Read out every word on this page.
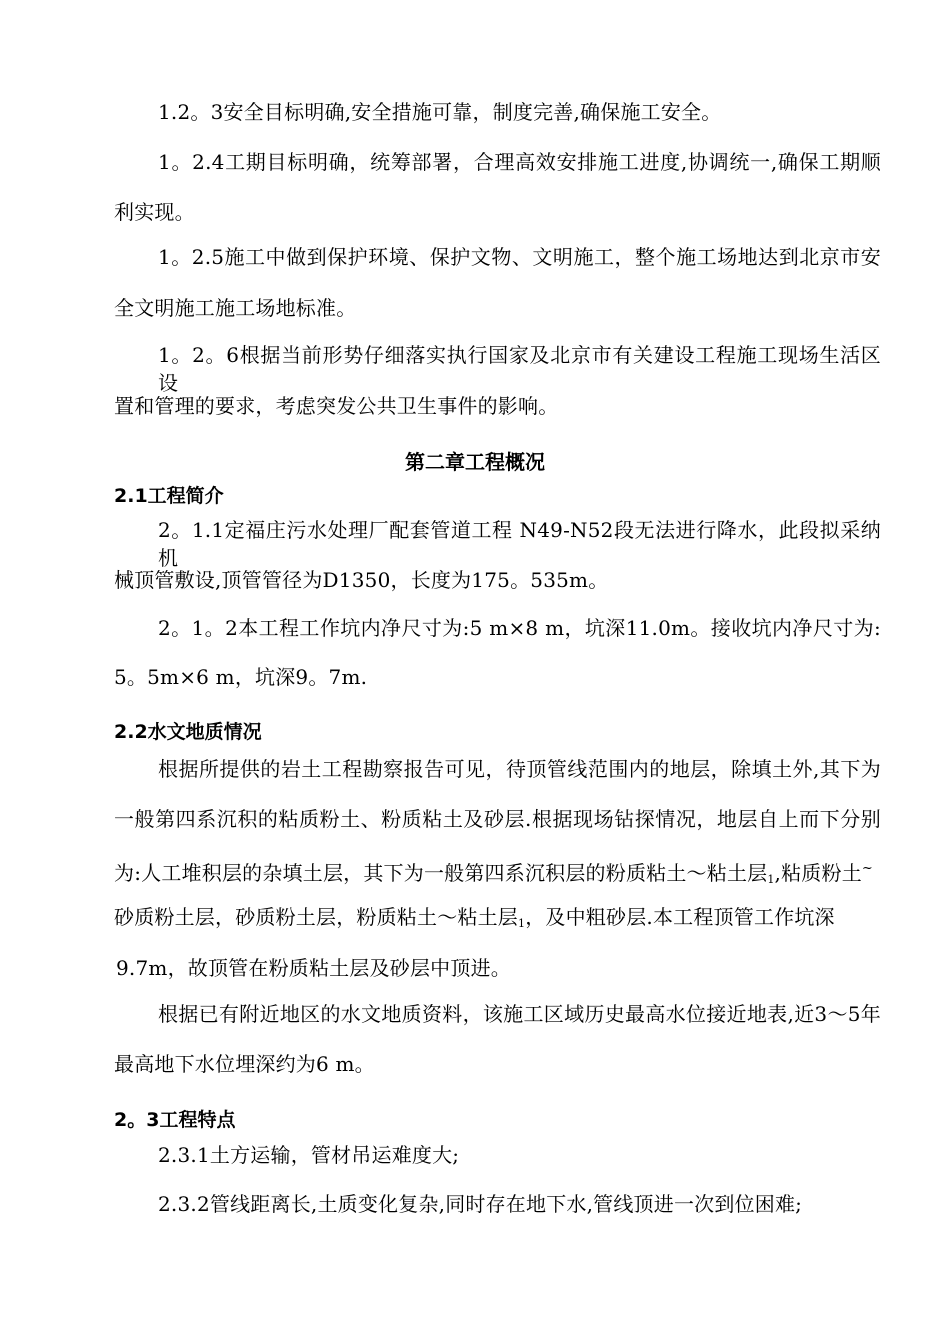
1.2。3安全目标明确,安全措施可靠，制度完善,确保施工安全。
1。2.4工期目标明确，统筹部署，合理高效安排施工进度,协调统一,确保工期顺
利实现。
1。2.5施工中做到保护环境、保护文物、文明施工，整个施工场地达到北京市安
全文明施工施工场地标准。
1。2。6根据当前形势仔细落实执行国家及北京市有关建设工程施工现场生活区设
置和管理的要求，考虑突发公共卫生事件的影响。
第二章工程概况
2.1工程简介
2。1.1定福庄污水处理厂配套管道工程 N49-N52段无法进行降水，此段拟采纳机
械顶管敷设,顶管管径为D1350，长度为175。535m。
2。1。2本工程工作坑内净尺寸为:5 m×8 m，坑深11.0m。接收坑内净尺寸为:
5。5m×6 m，坑深9。7m.
2.2水文地质情况
根据所提供的岩土工程勘察报告可见，待顶管线范围内的地层，除填土外,其下为
一般第四系沉积的粘质粉土、粉质粘土及砂层.根据现场钻探情况，地层自上而下分别
为:人工堆积层的杂填土层，其下为一般第四系沉积层的粉质粘土～粘土层$_1$,粘质粉土~
砂质粉土层，砂质粉土层，粉质粘土～粘土层$_1$，及中粗砂层.本工程顶管工作坑深
9.7m，故顶管在粉质粘土层及砂层中顶进。
根据已有附近地区的水文地质资料，该施工区域历史最高水位接近地表,近3～5年
最高地下水位埋深约为6 m。
2。3工程特点
2.3.1土方运输，管材吊运难度大;
2.3.2管线距离长,土质变化复杂,同时存在地下水,管线顶进一次到位困难;
